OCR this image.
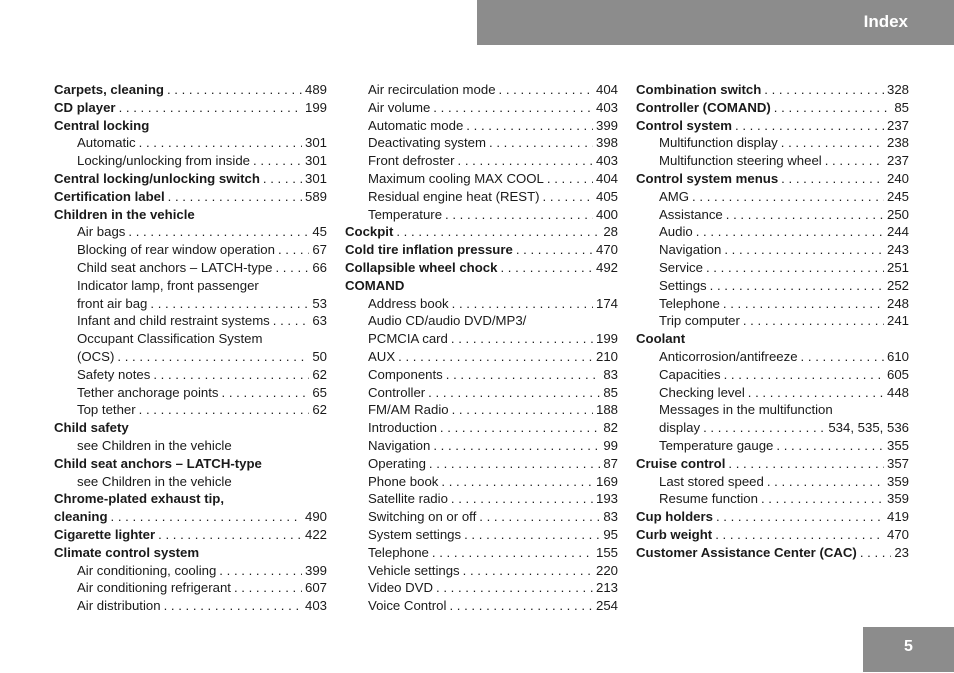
Index
Carpets, cleaning . . .	489
CD player . . .	199
Central locking
Automatic . . .	301
Locking/unlocking from inside . . .	301
Central locking/unlocking switch . . .	301
Certification label . . .	589
Children in the vehicle
Air bags . . .	45
Blocking of rear window operation . . .	67
Child seat anchors – LATCH-type . . .	66
Indicator lamp, front passenger
front air bag . . .	53
Infant and child restraint systems . . .	63
Occupant Classification System
(OCS) . . .	50
Safety notes . . .	62
Tether anchorage points . . .	65
Top tether . . .	62
Child safety
see Children in the vehicle
Child seat anchors – LATCH-type
see Children in the vehicle
Chrome-plated exhaust tip,
cleaning . . .	490
Cigarette lighter . . .	422
Climate control system
Air conditioning, cooling . . .	399
Air conditioning refrigerant . . .	607
Air distribution . . .	403
Air recirculation mode . . .	404
Air volume . . .	403
Automatic mode . . .	399
Deactivating system . . .	398
Front defroster . . .	403
Maximum cooling MAX COOL . . .	404
Residual engine heat (REST) . . .	405
Temperature . . .	400
Cockpit . . .	28
Cold tire inflation pressure . . .	470
Collapsible wheel chock . . .	492
COMAND
Address book . . .	174
Audio CD/audio DVD/MP3/
PCMCIA card . . .	199
AUX . . .	210
Components . . .	83
Controller . . .	85
FM/AM Radio . . .	188
Introduction . . .	82
Navigation . . .	99
Operating . . .	87
Phone book . . .	169
Satellite radio . . .	193
Switching on or off . . .	83
System settings . . .	95
Telephone . . .	155
Vehicle settings . . .	220
Video DVD . . .	213
Voice Control . . .	254
Combination switch . . .	328
Controller (COMAND) . . .	85
Control system . . .	237
Multifunction display . . .	238
Multifunction steering wheel . . .	237
Control system menus . . .	240
AMG . . .	245
Assistance . . .	250
Audio . . .	244
Navigation . . .	243
Service . . .	251
Settings . . .	252
Telephone . . .	248
Trip computer . . .	241
Coolant
Anticorrosion/antifreeze . . .	610
Capacities . . .	605
Checking level . . .	448
Messages in the multifunction
display . . .	534, 535, 536
Temperature gauge . . .	355
Cruise control . . .	357
Last stored speed . . .	359
Resume function . . .	359
Cup holders . . .	419
Curb weight . . .	470
Customer Assistance Center (CAC) . . .	23
5
